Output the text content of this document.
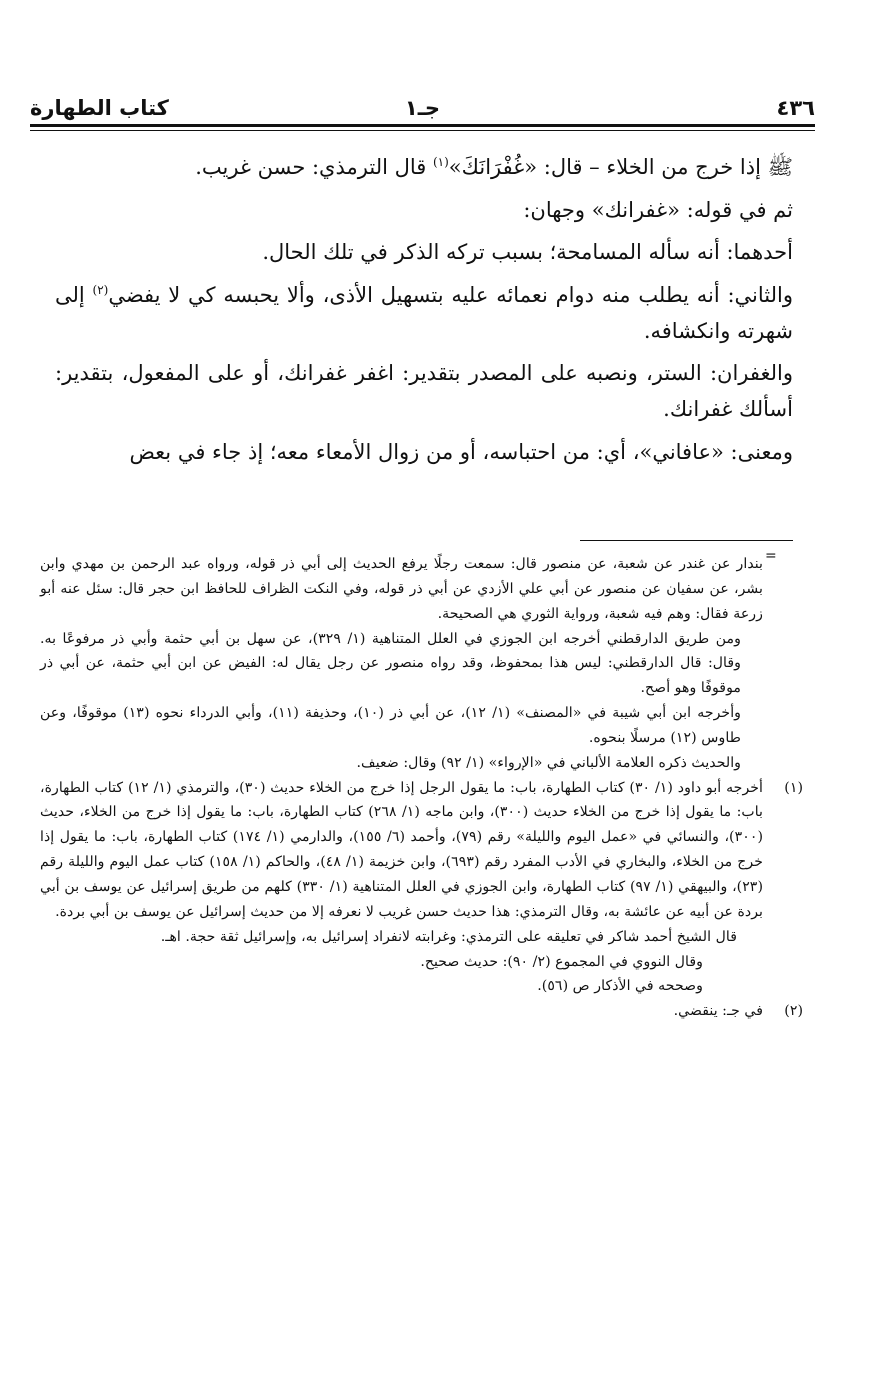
٤٣٦
جـ١
كتاب الطهارة

ﷺ إذا خرج من الخلاء – قال: «غُفْرَانَكَ»$^{(١)}$ قال الترمذي: حسن غريب.

ثم في قوله: «غفرانك» وجهان:

أحدهما: أنه سأله المسامحة؛ بسبب تركه الذكر في تلك الحال.

والثاني: أنه يطلب منه دوام نعمائه عليه بتسهيل الأذى، وألا يحبسه كي لا يفضي$^{(٢)}$ إلى شهرته وانكشافه.

والغفران: الستر، ونصبه على المصدر بتقدير: اغفر غفرانك، أو على المفعول، بتقدير: أسألك غفرانك.

ومعنى: «عافاني»، أي: من احتباسه، أو من زوال الأمعاء معه؛ إذ جاء في بعض

=

بندار عن غندر عن شعبة، عن منصور قال: سمعت رجلًا يرفع الحديث إلى أبي ذر قوله، ورواه عبد الرحمن بن مهدي وابن بشر، عن سفيان عن منصور عن أبي علي الأزدي عن أبي ذر قوله، وفي النكت الظراف للحافظ ابن حجر قال: سئل عنه أبو زرعة فقال: وهم فيه شعبة، ورواية الثوري هي الصحيحة.

ومن طريق الدارقطني أخرجه ابن الجوزي في العلل المتناهية (١/ ٣٢٩)، عن سهل بن أبي حثمة وأبي ذر مرفوعًا به. وقال: قال الدارقطني: ليس هذا بمحفوظ، وقد رواه منصور عن رجل يقال له: الفيض عن ابن أبي حثمة، عن أبي ذر موقوفًا وهو أصح.

وأخرجه ابن أبي شيبة في «المصنف» (١/ ١٢)، عن أبي ذر (١٠)، وحذيفة (١١)، وأبي الدرداء نحوه (١٣) موقوفًا، وعن طاوس (١٢) مرسلًا بنحوه.

والحديث ذكره العلامة الألباني في «الإرواء» (١/ ٩٢) وقال: ضعيف.

(١)

أخرجه أبو داود (١/ ٣٠) كتاب الطهارة، باب: ما يقول الرجل إذا خرج من الخلاء حديث (٣٠)، والترمذي (١/ ١٢) كتاب الطهارة، باب: ما يقول إذا خرج من الخلاء حديث (٣٠٠)، وابن ماجه (١/ ٢٦٨) كتاب الطهارة، باب: ما يقول إذا خرج من الخلاء، حديث (٣٠٠)، والنسائي في «عمل اليوم والليلة» رقم (٧٩)، وأحمد (٦/ ١٥٥)، والدارمي (١/ ١٧٤) كتاب الطهارة، باب: ما يقول إذا خرج من الخلاء، والبخاري في الأدب المفرد رقم (٦٩٣)، وابن خزيمة (١/ ٤٨)، والحاكم (١/ ١٥٨) كتاب عمل اليوم والليلة رقم (٢٣)، والبيهقي (١/ ٩٧) كتاب الطهارة، وابن الجوزي في العلل المتناهية (١/ ٣٣٠) كلهم من طريق إسرائيل عن يوسف بن أبي بردة عن أبيه عن عائشة به، وقال الترمذي: هذا حديث حسن غريب لا نعرفه إلا من حديث إسرائيل عن يوسف بن أبي بردة.

قال الشيخ أحمد شاكر في تعليقه على الترمذي: وغرابته لانفراد إسرائيل به، وإسرائيل ثقة حجة. اهـ.

وقال النووي في المجموع (٢/ ٩٠): حديث صحيح.

وصححه في الأذكار ص (٥٦).

(٢)

في جـ: ينقضي.
